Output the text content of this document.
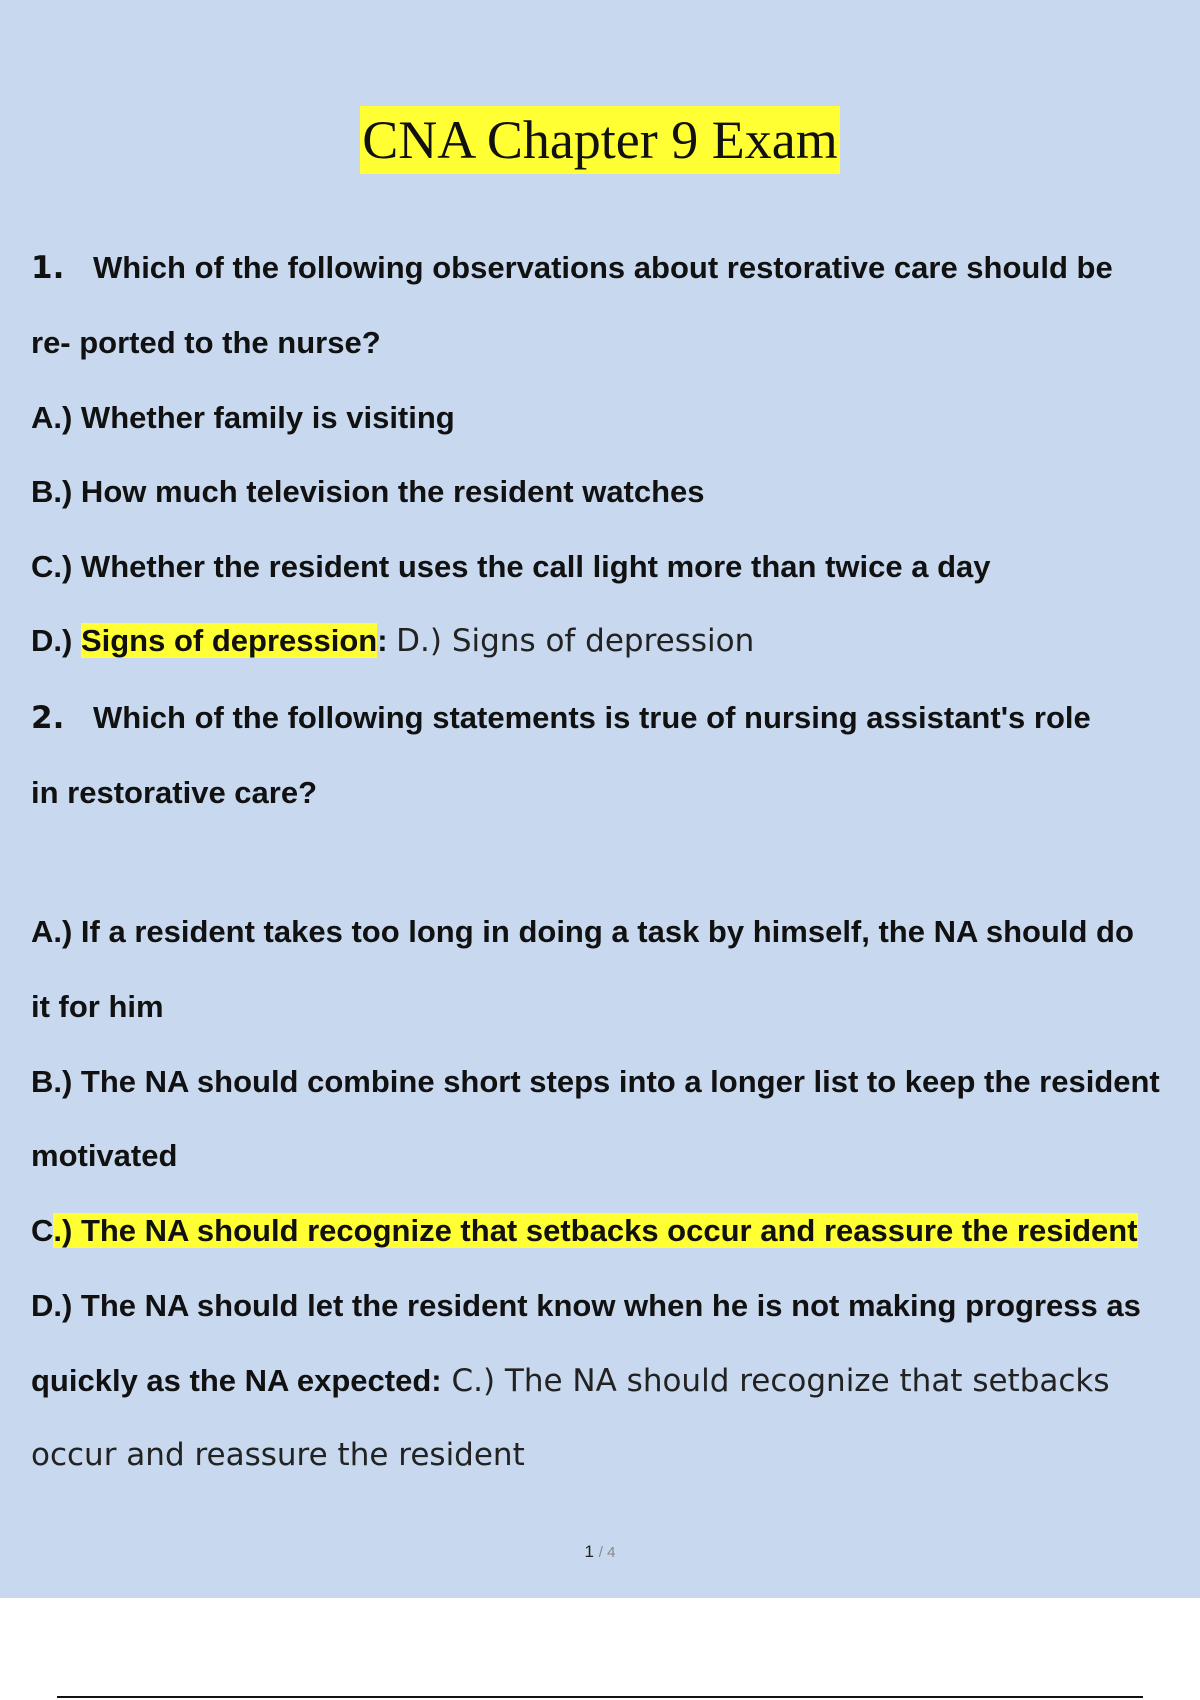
CNA Chapter 9 Exam
1. Which of the following observations about restorative care should be
re- ported to the nurse?
A.) Whether family is visiting
B.) How much television the resident watches
C.) Whether the resident uses the call light more than twice a day
D.) Signs of depression: D.) Signs of depression
2. Which of the following statements is true of nursing assistant's role
in restorative care?
A.) If a resident takes too long in doing a task by himself, the NA should do
it for him
B.) The NA should combine short steps into a longer list to keep the resident
motivated
C.) The NA should recognize that setbacks occur and reassure the resident
D.) The NA should let the resident know when he is not making progress as
quickly as the NA expected: C.) The NA should recognize that setbacks
occur and reassure the resident
1 / 4
